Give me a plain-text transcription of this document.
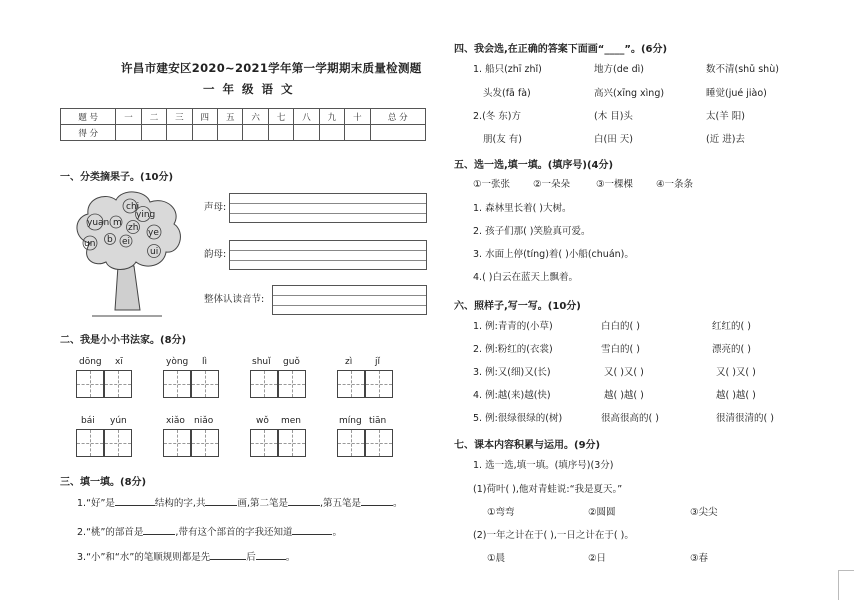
许昌市建安区2020~2021学年第一学期期末质量检测题
一 年 级 语 文
题 号	一	二	三	四	五	六	七	八	九	十	总 分
得 分											
一、分类摘果子。(10分)
chi
ying
yuan m zh ye
un b ei
ui
声母:
韵母:
整体认读音节:
二、我是小小书法家。(8分)
dōng xī	yòng lì	shuǐ guǒ	zì	jǐ
bái yún	xiǎo niǎo	wǒ men	míng tiān
三、填一填。(8分)
1.“好”是	结构的字,共	画,第二笔是	,第五笔是	。
2.“桃”的部首是	,带有这个部首的字我还知道	。
3.“小”和“水”的笔顺规则都是先	后	。
四、我会选,在正确的答案下面画“____”。(6分)
1. 船只(zhī zhǐ)	地方(de dì)	数不清(shǔ shù)
头发(fā fà)	高兴(xīng xìng)	睡觉(jué jiào)
2.(冬 东)方	(木 目)头	太(羊 阳)
朋(友 有)	白(田 天)	(近 进)去
五、选一选,填一填。(填序号)(4分)
①一张张 ②一朵朵	③一棵棵 ④一条条
1. 森林里长着( )大树。
2. 孩子们那( )笑脸真可爱。
3. 水面上停(tíng)着( )小船(chuán)。
4.( )白云在蓝天上飘着。
六、照样子,写一写。(10分)
1. 例:青青的(小草)	白白的( )	红红的( )
2. 例:粉红的(衣裳)	雪白的( )	漂亮的( )
3. 例:又(细)又(长)	又( )又( )	又( )又( )
4. 例:越(来)越(快)	越( )越( )	越( )越( )
5. 例:很绿很绿的(树)	很高很高的( )	很清很清的( )
七、课本内容积累与运用。(9分)
1. 选一选,填一填。(填序号)(3分)
(1)荷叶( ),他对青蛙说:“我是夏天。”
①弯弯	②圆圆	③尖尖
(2)一年之计在于( ),一日之计在于( )。
①晨	②日	③春
